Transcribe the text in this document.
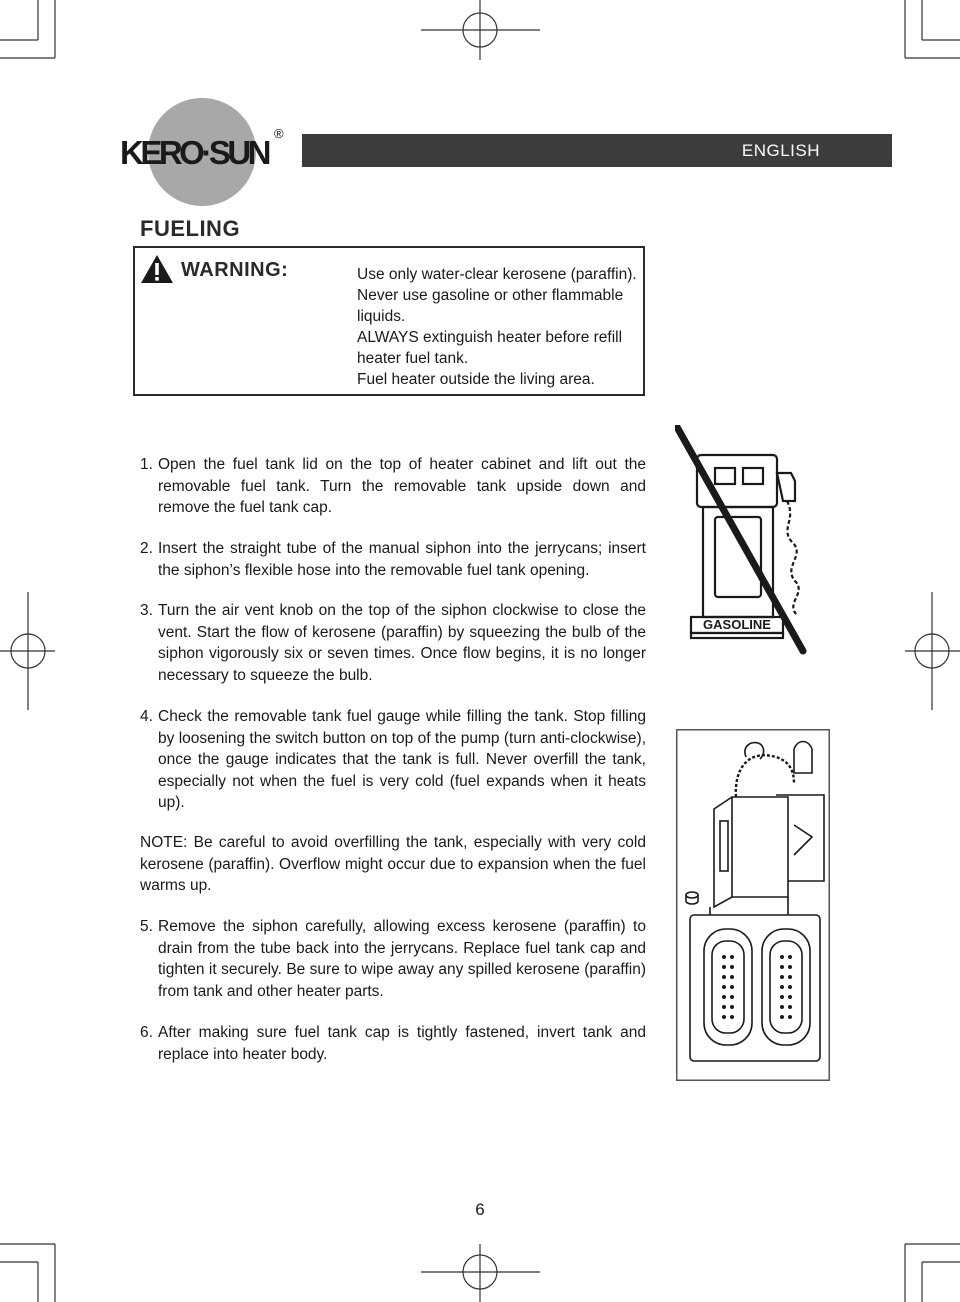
KERO·SUN
®
ENGLISH
FUELING
WARNING:	Use only water-clear kerosene (paraffin).
Never use gasoline or other flammable
liquids.
ALWAYS extinguish heater before refill
heater fuel tank.
Fuel heater outside the living area.
1. Open the fuel tank lid on the top of heater cabinet and lift out the removable fuel tank. Turn the removable tank upside down and remove the fuel tank cap.
2. Insert the straight tube of the manual siphon into the jerrycans; insert the siphon’s flexible hose into the removable fuel tank opening.
3. Turn the air vent knob on the top of the siphon clockwise to close the vent. Start the flow of kerosene (paraffin) by squeezing the bulb of the siphon vigorously six or seven times. Once flow begins, it is no longer necessary to squeeze the bulb.
4. Check the removable tank fuel gauge while filling the tank. Stop filling by loosening the switch button on top of the pump (turn anti-clockwise), once the gauge indicates that the tank is full. Never overfill the tank, especially not when the fuel is very cold (fuel expands when it heats up).
NOTE: Be careful to avoid overfilling the tank, especially with very cold kerosene (paraffin). Overflow might occur due to expansion when the fuel warms up.
5. Remove the siphon carefully, allowing excess kerosene (paraffin) to drain from the tube back into the jerrycans. Replace fuel tank cap and tighten it securely. Be sure to wipe away any spilled kerosene (paraffin) from tank and other heater parts.
6. After making sure fuel tank cap is tightly fastened, invert tank and replace into heater body.
GASOLINE
6
